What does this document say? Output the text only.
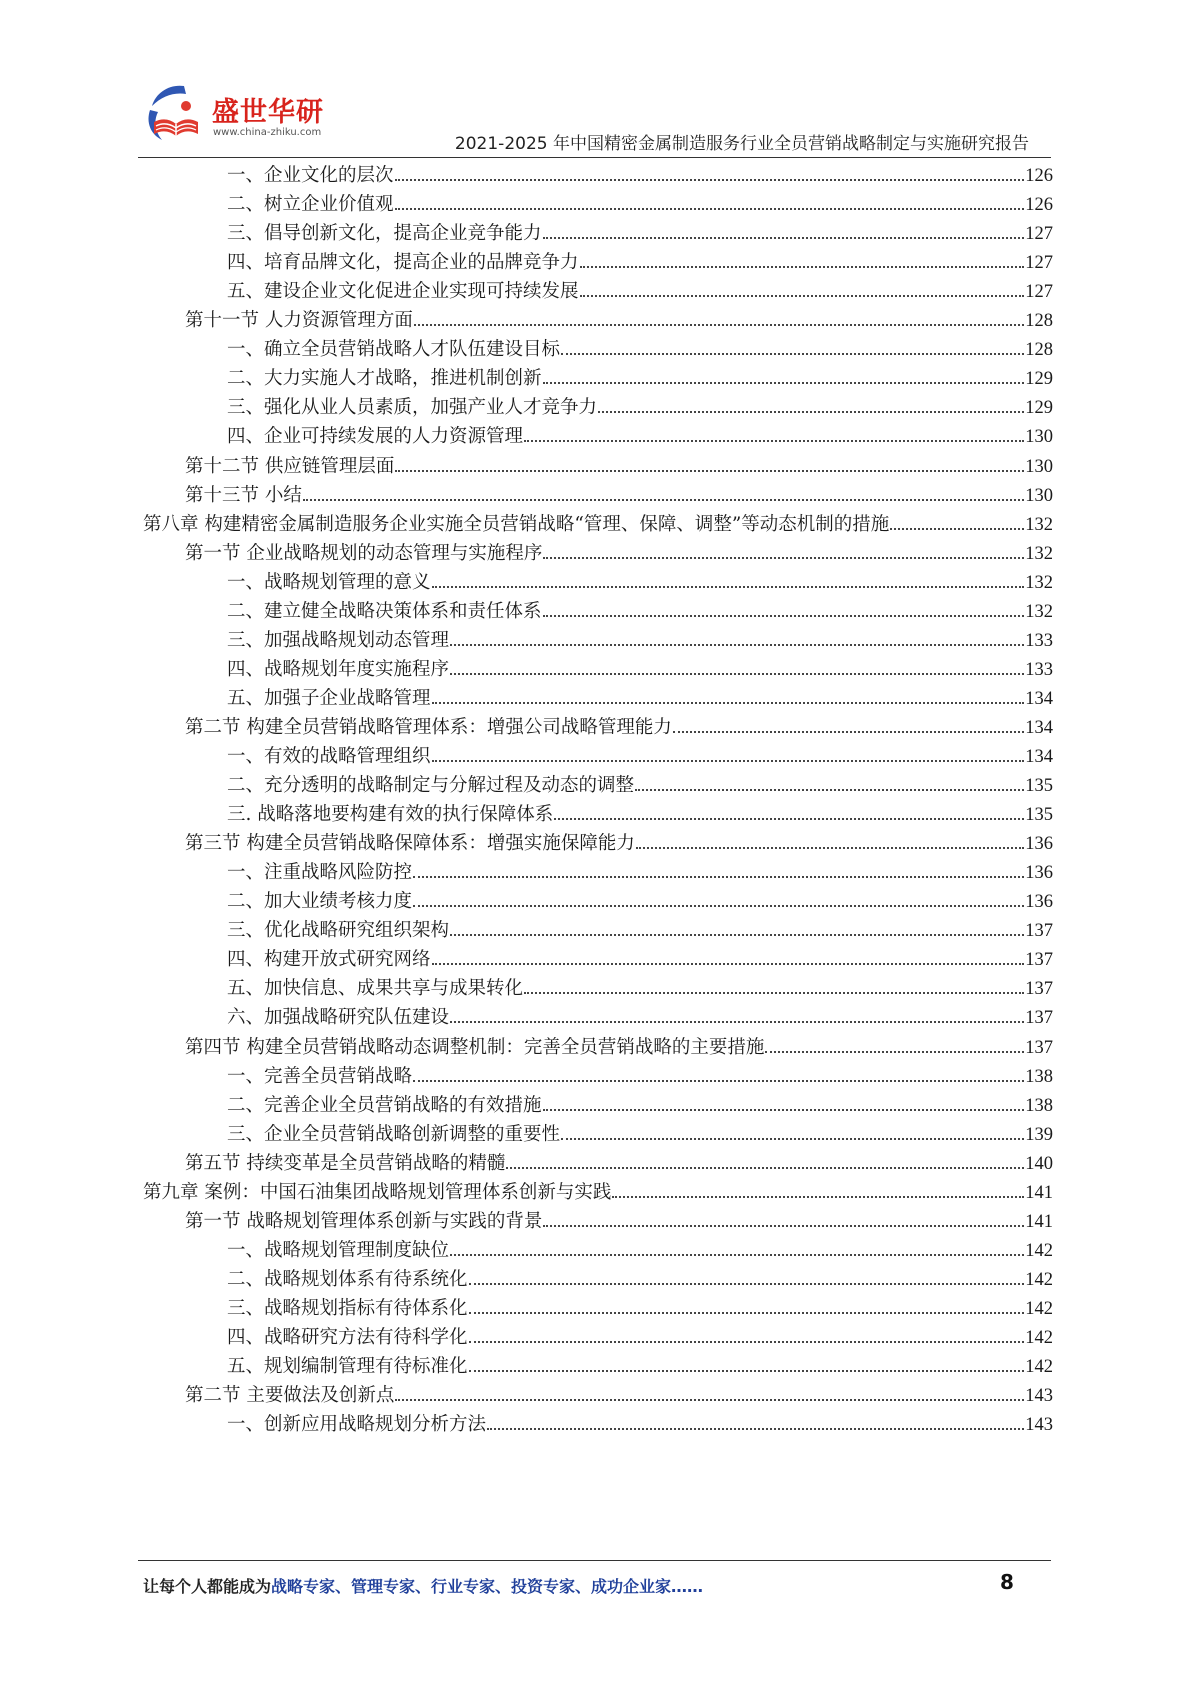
盛世华研
www.china-zhiku.com
2021-2025 年中国精密金属制造服务行业全员营销战略制定与实施研究报告
一、企业文化的层次	126
二、树立企业价值观	126
三、倡导创新文化，提高企业竞争能力	127
四、培育品牌文化，提高企业的品牌竞争力	127
五、建设企业文化促进企业实现可持续发展	127
第十一节 人力资源管理方面	128
一、确立全员营销战略人才队伍建设目标	128
二、大力实施人才战略，推进机制创新	129
三、强化从业人员素质，加强产业人才竞争力	129
四、企业可持续发展的人力资源管理	130
第十二节 供应链管理层面	130
第十三节 小结	130
第八章 构建精密金属制造服务企业实施全员营销战略“管理、保障、调整”等动态机制的措施	132
第一节 企业战略规划的动态管理与实施程序	132
一、战略规划管理的意义	132
二、建立健全战略决策体系和责任体系	132
三、加强战略规划动态管理	133
四、战略规划年度实施程序	133
五、加强子企业战略管理	134
第二节 构建全员营销战略管理体系：增强公司战略管理能力	134
一、有效的战略管理组织	134
二、充分透明的战略制定与分解过程及动态的调整	135
三. 战略落地要构建有效的执行保障体系	135
第三节 构建全员营销战略保障体系：增强实施保障能力	136
一、注重战略风险防控	136
二、加大业绩考核力度	136
三、优化战略研究组织架构	137
四、构建开放式研究网络	137
五、加快信息、成果共享与成果转化	137
六、加强战略研究队伍建设	137
第四节 构建全员营销战略动态调整机制：完善全员营销战略的主要措施	137
一、完善全员营销战略	138
二、完善企业全员营销战略的有效措施	138
三、企业全员营销战略创新调整的重要性	139
第五节 持续变革是全员营销战略的精髓	140
第九章 案例：中国石油集团战略规划管理体系创新与实践	141
第一节 战略规划管理体系创新与实践的背景	141
一、战略规划管理制度缺位	142
二、战略规划体系有待系统化	142
三、战略规划指标有待体系化	142
四、战略研究方法有待科学化	142
五、规划编制管理有待标准化	142
第二节 主要做法及创新点	143
一、创新应用战略规划分析方法	143
让每个人都能成为战略专家、管理专家、行业专家、投资专家、成功企业家……	8
